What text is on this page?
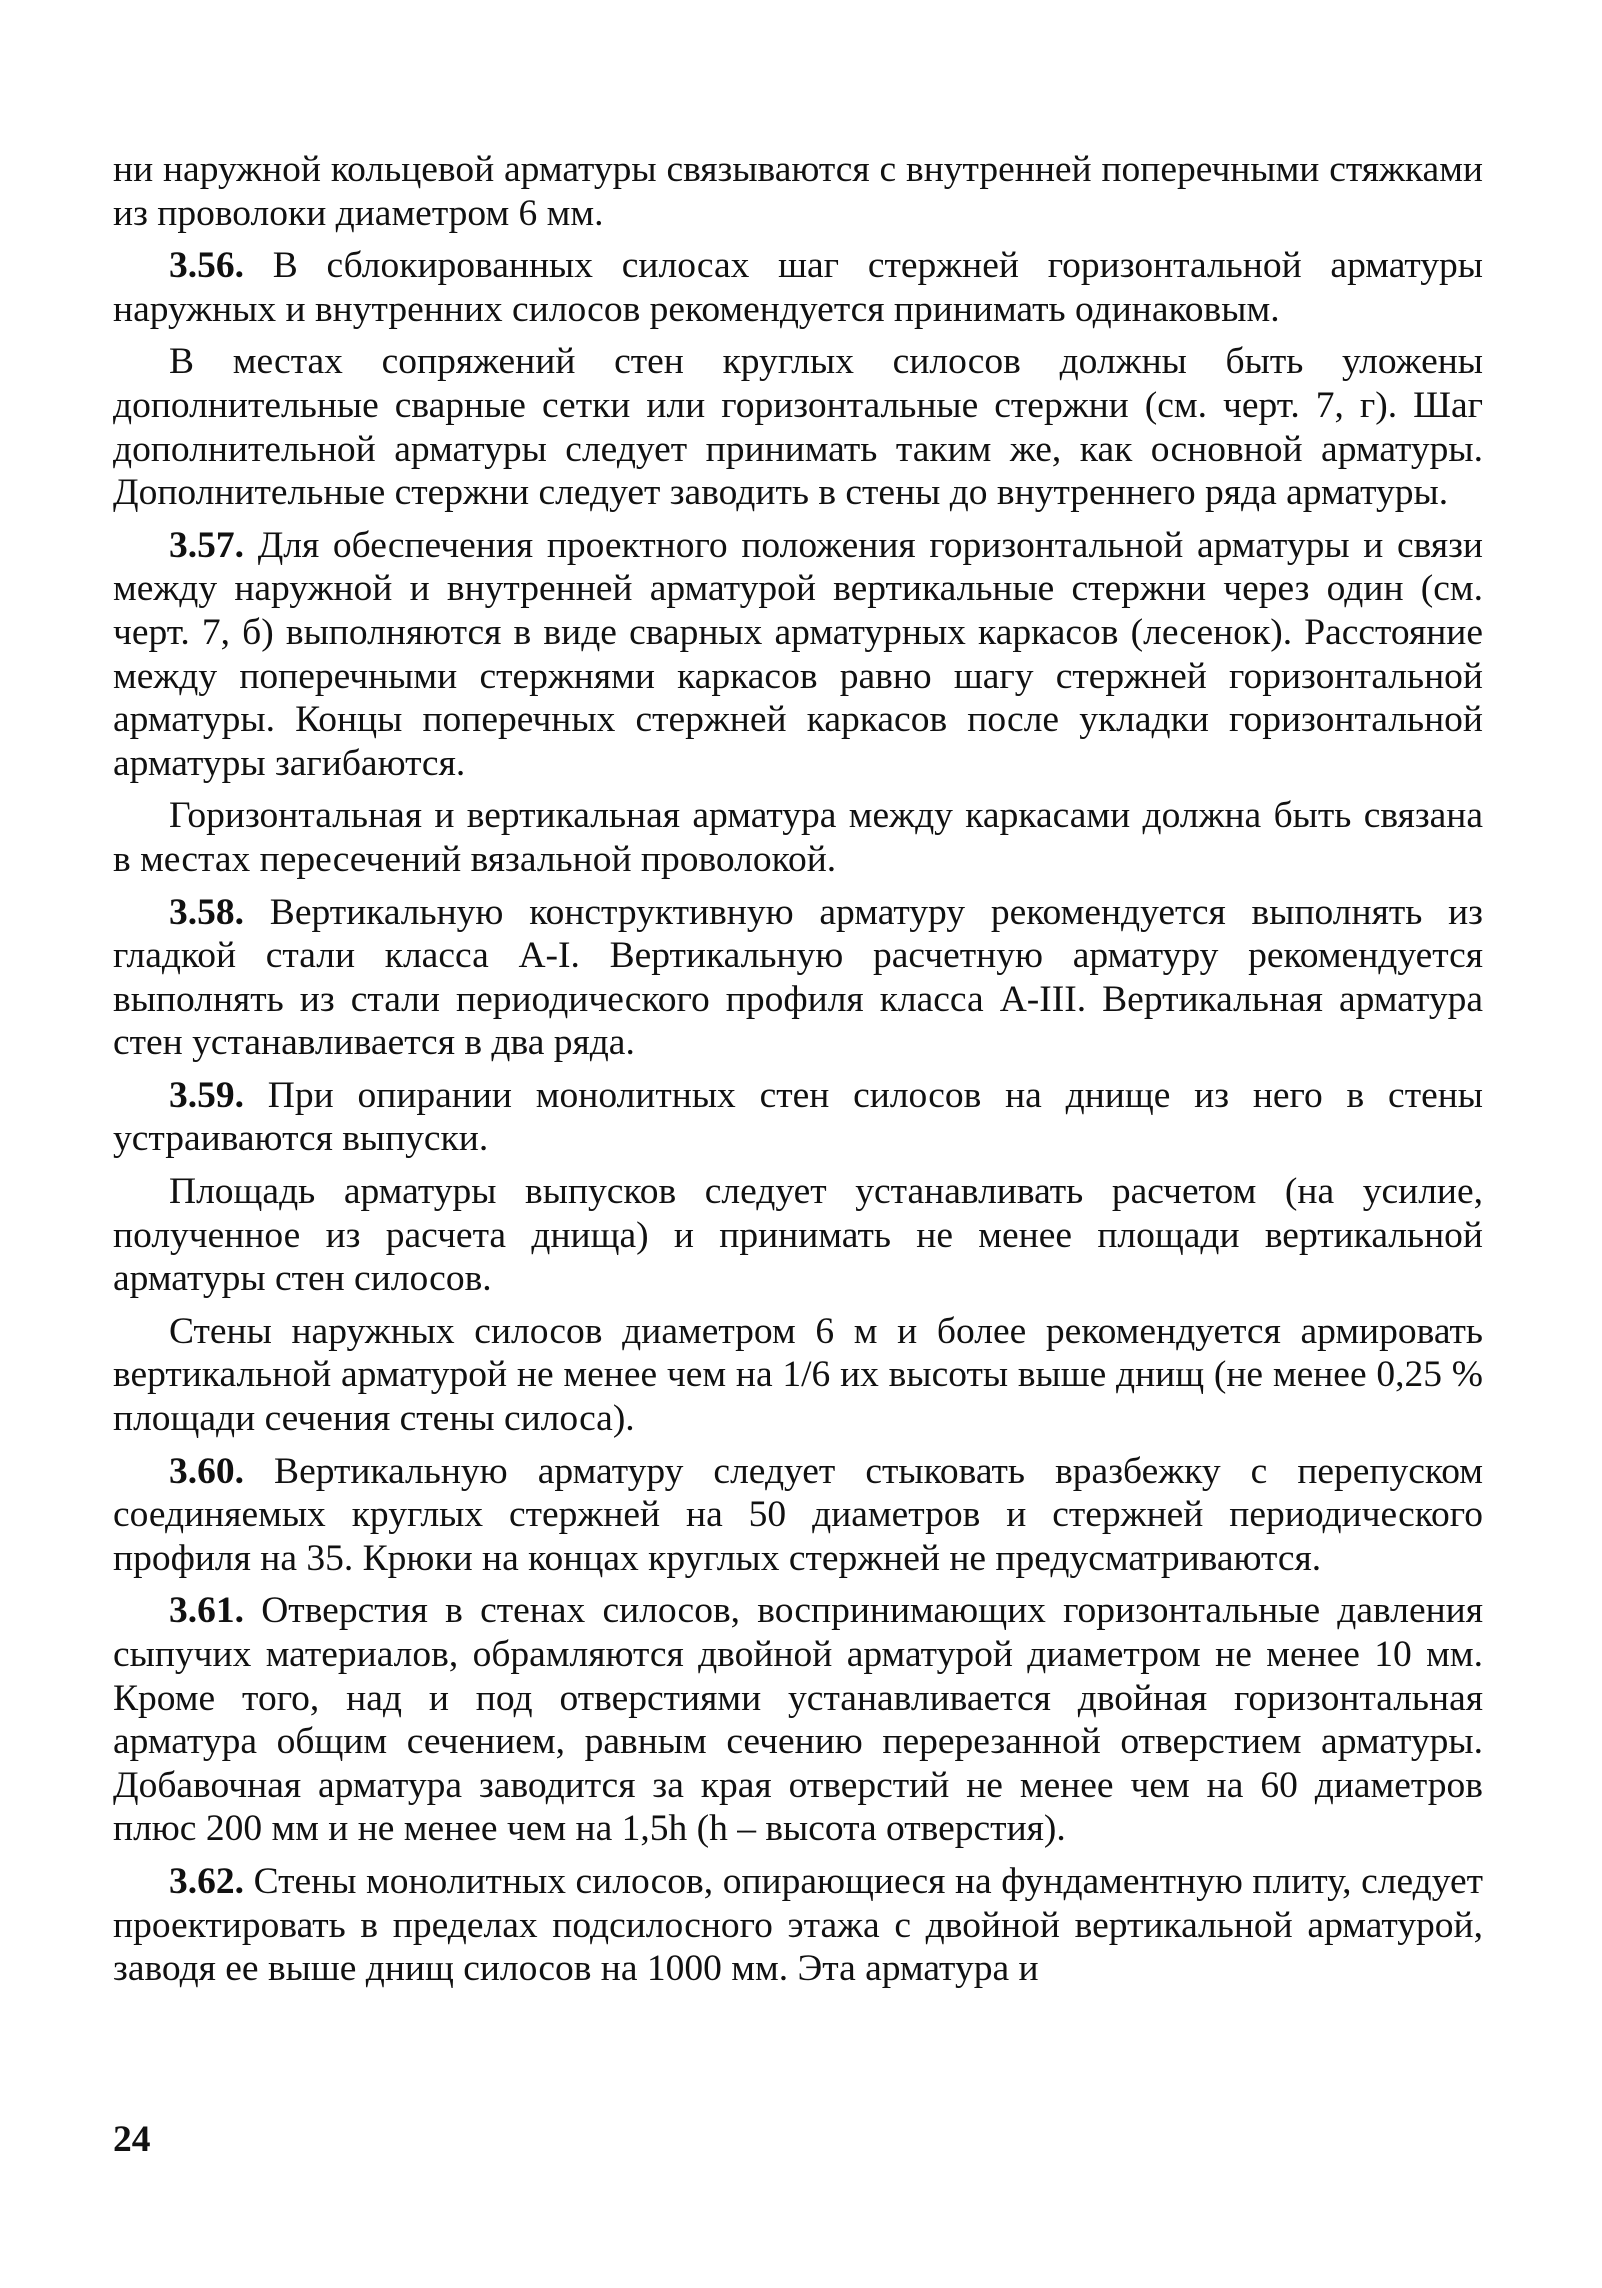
ни наружной кольцевой арматуры связываются с внутренней поперечными стяжками из проволоки диаметром 6 мм.

3.56. В сблокированных силосах шаг стержней горизонтальной арматуры наружных и внутренних силосов рекомендуется принимать одинаковым.

В местах сопряжений стен круглых силосов должны быть уложены дополнительные сварные сетки или горизонтальные стержни (см. черт. 7, г). Шаг дополнительной арматуры следует принимать таким же, как основной арматуры. Дополнительные стержни следует заводить в стены до внутреннего ряда арматуры.

3.57. Для обеспечения проектного положения горизонтальной арматуры и связи между наружной и внутренней арматурой вертикальные стержни через один (см. черт. 7, б) выполняются в виде сварных арматурных каркасов (лесенок). Расстояние между поперечными стержнями каркасов равно шагу стержней горизонтальной арматуры. Концы поперечных стержней каркасов после укладки горизонтальной арматуры загибаются.

Горизонтальная и вертикальная арматура между каркасами должна быть связана в местах пересечений вязальной проволокой.

3.58. Вертикальную конструктивную арматуру рекомендуется выполнять из гладкой стали класса А-I. Вертикальную расчетную арматуру рекомендуется выполнять из стали периодического профиля класса А-III. Вертикальная арматура стен устанавливается в два ряда.

3.59. При опирании монолитных стен силосов на днище из него в стены устраиваются выпуски.

Площадь арматуры выпусков следует устанавливать расчетом (на усилие, полученное из расчета днища) и принимать не менее площади вертикальной арматуры стен силосов.

Стены наружных силосов диаметром 6 м и более рекомендуется армировать вертикальной арматурой не менее чем на 1/6 их высоты выше днищ (не менее 0,25 % площади сечения стены силоса).

3.60. Вертикальную арматуру следует стыковать вразбежку с перепуском соединяемых круглых стержней на 50 диаметров и стержней периодического профиля на 35. Крюки на концах круглых стержней не предусматриваются.

3.61. Отверстия в стенах силосов, воспринимающих горизонтальные давления сыпучих материалов, обрамляются двойной арматурой диаметром не менее 10 мм. Кроме того, над и под отверстиями устанавливается двойная горизонтальная арматура общим сечением, равным сечению перерезанной отверстием арматуры. Добавочная арматура заводится за края отверстий не менее чем на 60 диаметров плюс 200 мм и не менее чем на 1,5h (h – высота отверстия).

3.62. Стены монолитных силосов, опирающиеся на фундаментную плиту, следует проектировать в пределах подсилосного этажа с двойной вертикальной арматурой, заводя ее выше днищ силосов на 1000 мм. Эта арматура и

24
